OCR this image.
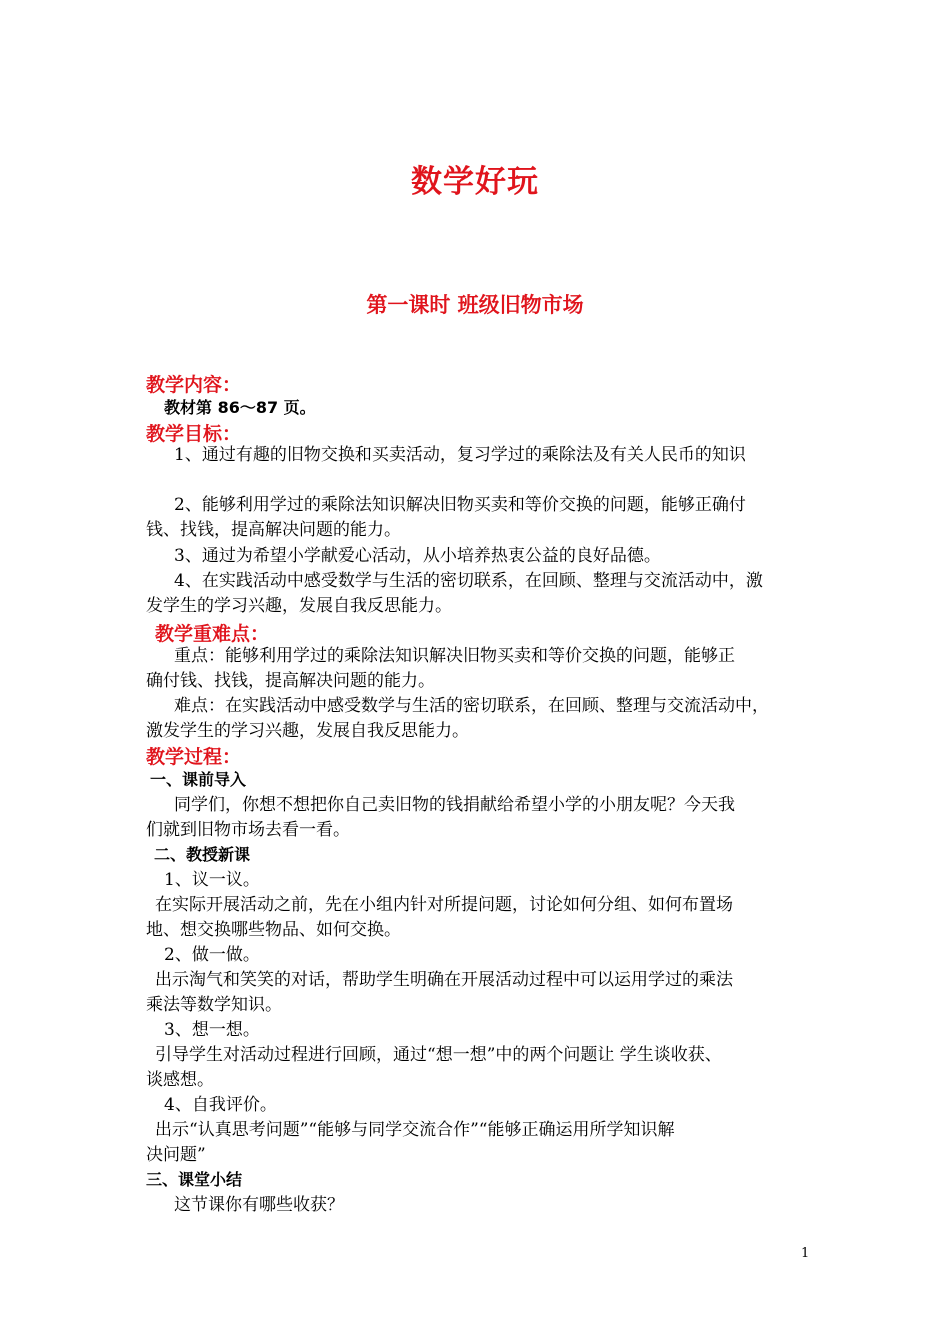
数学好玩
第一课时 班级旧物市场
教学内容：
教材第 86～87 页。
教学目标：
1、通过有趣的旧物交换和买卖活动，复习学过的乘除法及有关人民币的知识
2、能够利用学过的乘除法知识解决旧物买卖和等价交换的问题，能够正确付
钱、找钱，提高解决问题的能力。
3、通过为希望小学献爱心活动，从小培养热衷公益的良好品德。
4、在实践活动中感受数学与生活的密切联系，在回顾、整理与交流活动中，激
发学生的学习兴趣，发展自我反思能力。
教学重难点：
重点：能够利用学过的乘除法知识解决旧物买卖和等价交换的问题，能够正
确付钱、找钱，提高解决问题的能力。
难点：在实践活动中感受数学与生活的密切联系，在回顾、整理与交流活动中，
激发学生的学习兴趣，发展自我反思能力。
教学过程：
一、课前导入
同学们，你想不想把你自己卖旧物的钱捐献给希望小学的小朋友呢？今天我
们就到旧物市场去看一看。
二、教授新课
1、议一议。
在实际开展活动之前，先在小组内针对所提问题，讨论如何分组、如何布置场
地、想交换哪些物品、如何交换。
2、做一做。
出示淘气和笑笑的对话，帮助学生明确在开展活动过程中可以运用学过的乘法
乘法等数学知识。
3、想一想。
引导学生对活动过程进行回顾，通过“想一想”中的两个问题让 学生谈收获、
谈感想。
4、自我评价。
出示“认真思考问题”“能够与同学交流合作”“能够正确运用所学知识解
决问题”
三、课堂小结
这节课你有哪些收获？
1
